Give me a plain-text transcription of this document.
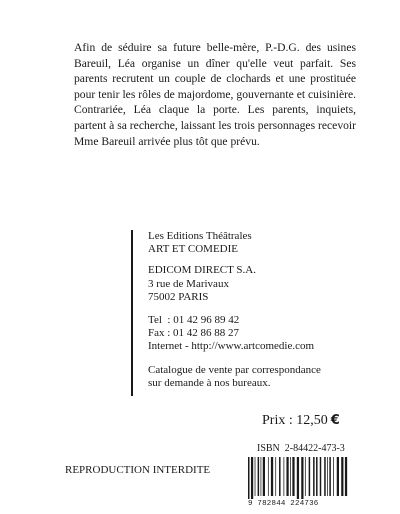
Afin de séduire sa future belle-mère, P.-D.G. des usines Bareuil, Léa organise un dîner qu'elle veut parfait. Ses parents recrutent un couple de clochards et une prostituée pour tenir les rôles de majordome, gouvernante et cuisinière. Contrariée, Léa claque la porte. Les parents, inquiets, partent à sa recherche, laissant les trois personnages recevoir Mme Bareuil arrivée plus tôt que prévu.

Les Editions Théâtrales
ART ET COMEDIE
EDICOM DIRECT S.A.
3 rue de Marivaux
75002 PARIS
Tel  : 01 42 96 89 42
Fax : 01 42 86 88 27
Internet - http://www.artcomedie.com
Catalogue de vente par correspondance
sur demande à nos bureaux.
Prix : 12,50 €
ISBN  2-84422-473-3
9 782844 224736
REPRODUCTION INTERDITE
